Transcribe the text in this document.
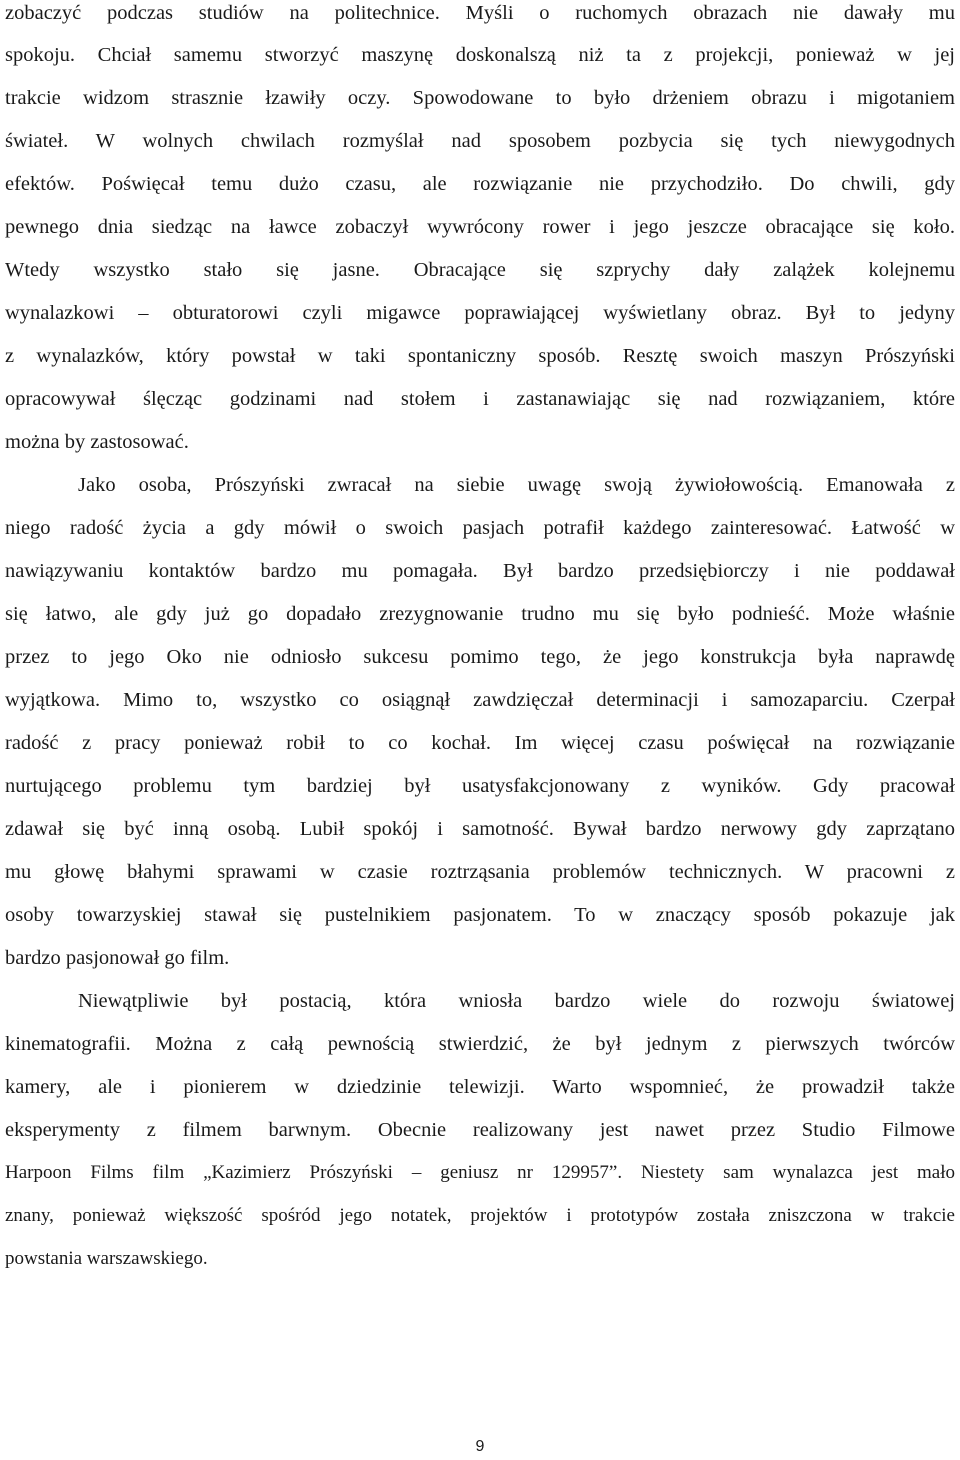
zobaczyć podczas studiów na politechnice. Myśli o ruchomych obrazach nie dawały mu
spokoju. Chciał samemu stworzyć maszynę doskonalszą niż ta z projekcji, ponieważ w jej
trakcie widzom strasznie łzawiły oczy. Spowodowane to było drżeniem obrazu i migotaniem
świateł. W wolnych chwilach rozmyślał nad sposobem pozbycia się tych niewygodnych
efektów. Poświęcał temu dużo czasu, ale rozwiązanie nie przychodziło. Do chwili, gdy
pewnego dnia siedząc na ławce zobaczył wywrócony rower i jego jeszcze obracające się koło.
Wtedy wszystko stało się jasne. Obracające się szprychy dały zalążek kolejnemu
wynalazkowi – obturatorowi czyli migawce poprawiającej wyświetlany obraz. Był to jedyny
z wynalazków, który powstał w taki spontaniczny sposób. Resztę swoich maszyn Prószyński
opracowywał ślęcząc godzinami nad stołem i zastanawiając się nad rozwiązaniem, które
można by zastosować.
Jako osoba, Prószyński zwracał na siebie uwagę swoją żywiołowością. Emanowała z
niego radość życia a gdy mówił o swoich pasjach potrafił każdego zainteresować. Łatwość w
nawiązywaniu kontaktów bardzo mu pomagała. Był bardzo przedsiębiorczy i nie poddawał
się łatwo, ale gdy już go dopadało zrezygnowanie trudno mu się było podnieść. Może właśnie
przez to jego Oko nie odniosło sukcesu pomimo tego, że jego konstrukcja była naprawdę
wyjątkowa. Mimo to, wszystko co osiągnął zawdzięczał determinacji i samozaparciu. Czerpał
radość z pracy ponieważ robił to co kochał. Im więcej czasu poświęcał na rozwiązanie
nurtującego problemu tym bardziej był usatysfakcjonowany z wyników. Gdy pracował
zdawał się być inną osobą. Lubił spokój i samotność. Bywał bardzo nerwowy gdy zaprzątano
mu głowę błahymi sprawami w czasie roztrząsania problemów technicznych. W pracowni z
osoby towarzyskiej stawał się pustelnikiem pasjonatem. To w znaczący sposób pokazuje jak
bardzo pasjonował go film.
Niewątpliwie był postacią, która wniosła bardzo wiele do rozwoju światowej
kinematografii. Można z całą pewnością stwierdzić, że był jednym z pierwszych twórców
kamery, ale i pionierem w dziedzinie telewizji. Warto wspomnieć, że prowadził także
eksperymenty z filmem barwnym. Obecnie realizowany jest nawet przez Studio Filmowe
Harpoon Films film „Kazimierz Prószyński – geniusz nr 129957”. Niestety sam wynalazca jest mało
znany, ponieważ większość spośród jego notatek, projektów i prototypów została zniszczona w trakcie
powstania warszawskiego.
9
